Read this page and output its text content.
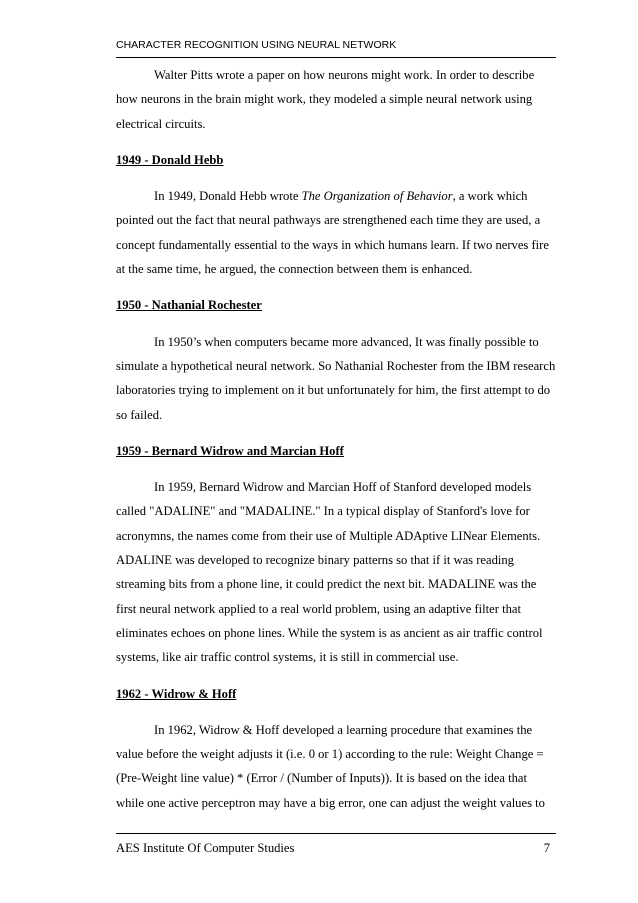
CHARACTER RECOGNITION USING NEURAL NETWORK

Walter Pitts wrote a paper on how neurons might work. In order to describe how neurons in the brain might work, they modeled a simple neural network using electrical circuits.

1949 - Donald Hebb

In 1949, Donald Hebb wrote The Organization of Behavior, a work which pointed out the fact that neural pathways are strengthened each time they are used, a concept fundamentally essential to the ways in which humans learn. If two nerves fire at the same time, he argued, the connection between them is enhanced.

1950 - Nathanial Rochester

In 1950’s when computers became more advanced, It was finally possible to simulate a hypothetical neural network. So Nathanial Rochester from the IBM research laboratories trying to implement on it but unfortunately for him, the first attempt to do so failed.

1959 - Bernard Widrow and Marcian Hoff

In 1959, Bernard Widrow and Marcian Hoff of Stanford developed models called "ADALINE" and "MADALINE." In a typical display of Stanford's love for acronymns, the names come from their use of Multiple ADAptive LINear Elements. ADALINE was developed to recognize binary patterns so that if it was reading streaming bits from a phone line, it could predict the next bit. MADALINE was the first neural network applied to a real world problem, using an adaptive filter that eliminates echoes on phone lines. While the system is as ancient as air traffic control systems, like air traffic control systems, it is still in commercial use.

1962 - Widrow & Hoff

In 1962, Widrow & Hoff developed a learning procedure that examines the value before the weight adjusts it (i.e. 0 or 1) according to the rule: Weight Change = (Pre-Weight line value) * (Error / (Number of Inputs)). It is based on the idea that while one active perceptron may have a big error, one can adjust the weight values to

AES Institute Of Computer Studies	7
